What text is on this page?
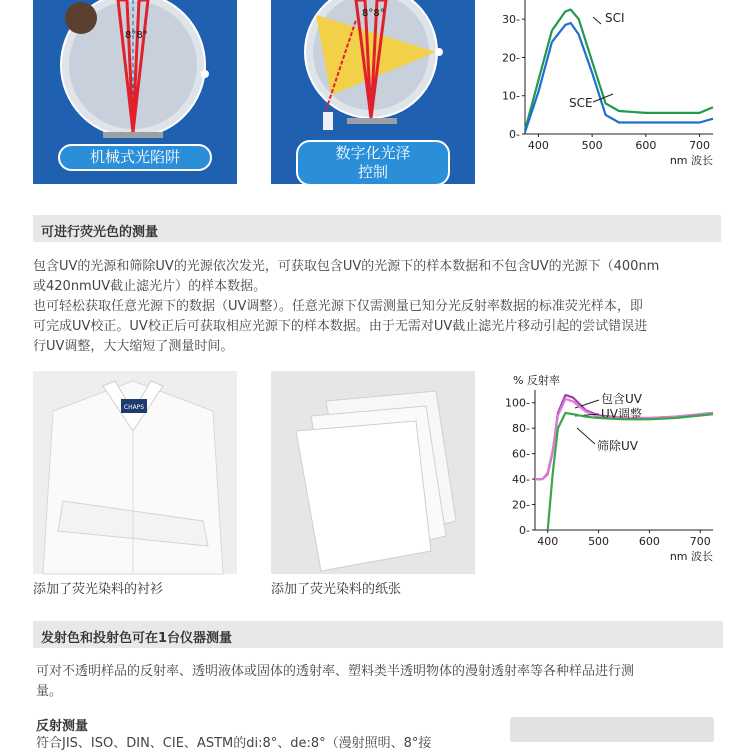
8°8°
机械式光陷阱
8°8°
数字化光泽
控制
0-
10-
20-
30-
400	500	600	700
nm 波长
SCI
SCE
可进行荧光色的测量

包含UV的光源和筛除UV的光源依次发光，可获取包含UV的光源下的样本数据和不包含UV的光源下（400nm

或420nmUV截止滤光片）的样本数据。

也可轻松获取任意光源下的数据（UV调整）。任意光源下仅需测量已知分光反射率数据的标准荧光样本，即

可完成UV校正。UV校正后可获取相应光源下的样本数据。由于无需对UV截止滤光片移动引起的尝试错误进

行UV调整，大大缩短了测量时间。

CHAPS
添加了荧光染料的衬衫	添加了荧光染料的纸张
0-
20-
40-
60-
80-
100-
400	500	600	700
nm 波长
% 反射率
包含UV
UV调整
筛除UV
发射色和投射色可在1台仪器测量

可对不透明样品的反射率、透明液体或固体的透射率、塑料类半透明物体的漫射透射率等各种样品进行测

量。

反射测量

符合JIS、ISO、DIN、CIE、ASTM的di:8°、de:8°（漫射照明、8°接
